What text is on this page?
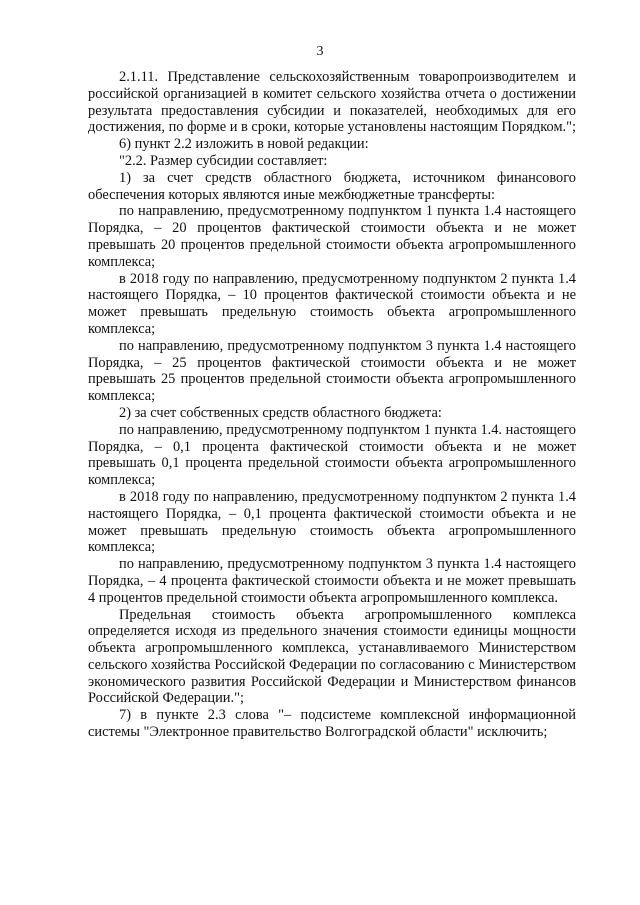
3

2.1.11. Представление сельскохозяйственным товаропроизводителем и российской организацией в комитет сельского хозяйства отчета о достижении результата предоставления субсидии и показателей, необходимых для его достижения, по форме и в сроки, которые установлены настоящим Порядком.";

6) пункт 2.2 изложить в новой редакции:

"2.2. Размер субсидии составляет:

1) за счет средств областного бюджета, источником финансового обеспечения которых являются иные межбюджетные трансферты:

по направлению, предусмотренному подпунктом 1 пункта 1.4 настоящего Порядка, – 20 процентов фактической стоимости объекта и не может превышать 20 процентов предельной стоимости объекта агропромышленного комплекса;

в 2018 году по направлению, предусмотренному подпунктом 2 пункта 1.4 настоящего Порядка, – 10 процентов фактической стоимости объекта и не может превышать предельную стоимость объекта агропромышленного комплекса;

по направлению, предусмотренному подпунктом 3 пункта 1.4 настоящего Порядка, – 25 процентов фактической стоимости объекта и не может превышать 25 процентов предельной стоимости объекта агропромышленного комплекса;

2) за счет собственных средств областного бюджета:

по направлению, предусмотренному подпунктом 1 пункта 1.4. настоящего Порядка, – 0,1 процента фактической стоимости объекта и не может превышать 0,1 процента предельной стоимости объекта агропромышленного комплекса;

в 2018 году по направлению, предусмотренному подпунктом 2 пункта 1.4 настоящего Порядка, – 0,1 процента фактической стоимости объекта и не может превышать предельную стоимость объекта агропромышленного комплекса;

по направлению, предусмотренному подпунктом 3 пункта 1.4 настоящего Порядка, – 4 процента фактической стоимости объекта и не может превышать 4 процентов предельной стоимости объекта агропромышленного комплекса.

Предельная стоимость объекта агропромышленного комплекса определяется исходя из предельного значения стоимости единицы мощности объекта агропромышленного комплекса, устанавливаемого Министерством сельского хозяйства Российской Федерации по согласованию с Министерством экономического развития Российской Федерации и Министерством финансов Российской Федерации.";

7) в пункте 2.3 слова "– подсистеме комплексной информационной системы "Электронное правительство Волгоградской области" исключить;
